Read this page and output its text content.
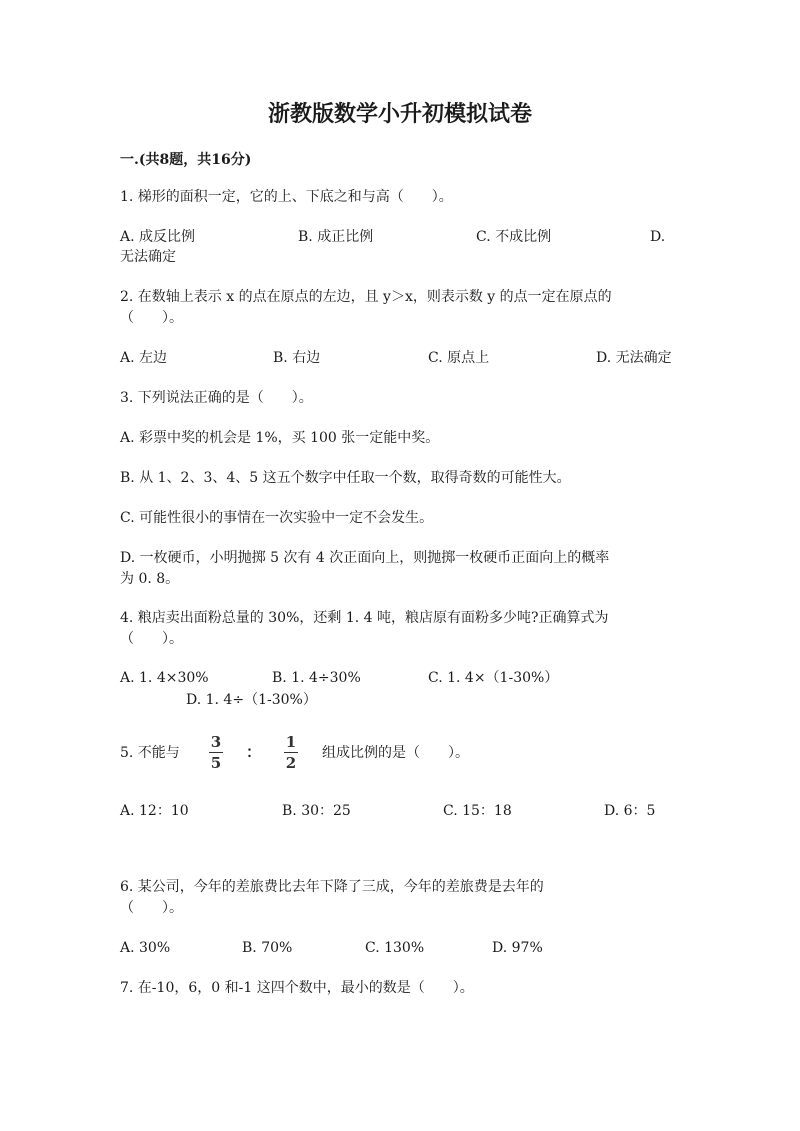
浙教版数学小升初模拟试卷
一.(共8题，共16分)
1. 梯形的面积一定，它的上、下底之和与高（　　）。
A. 成反比例	B. 成正比例	C. 不成比例	D.
无法确定
2. 在数轴上表示 x 的点在原点的左边，且 y＞x，则表示数 y 的点一定在原点的
（　　）。
A. 左边	B. 右边	C. 原点上	D. 无法确定
3. 下列说法正确的是（　　）。
A. 彩票中奖的机会是 1%，买 100 张一定能中奖。
B. 从 1、2、3、4、5 这五个数字中任取一个数，取得奇数的可能性大。
C. 可能性很小的事情在一次实验中一定不会发生。
D. 一枚硬币，小明抛掷 5 次有 4 次正面向上，则抛掷一枚硬币正面向上的概率
为 0. 8。
4. 粮店卖出面粉总量的 30%，还剩 1. 4 吨，粮店原有面粉多少吨?正确算式为
（　　）。
A. 1. 4×30%	B. 1. 4÷30%	C. 1. 4×（1-30%）
D. 1. 4÷（1-30%）
5. 不能与
3
5
：
1
2
组成比例的是（　　）。
A. 12：10	B. 30：25	C. 15：18	D. 6：5
6. 某公司，今年的差旅费比去年下降了三成，今年的差旅费是去年的
（　　）。
A. 30%	B. 70%	C. 130%	D. 97%
7. 在-10，6，0 和-1 这四个数中，最小的数是（　　）。
